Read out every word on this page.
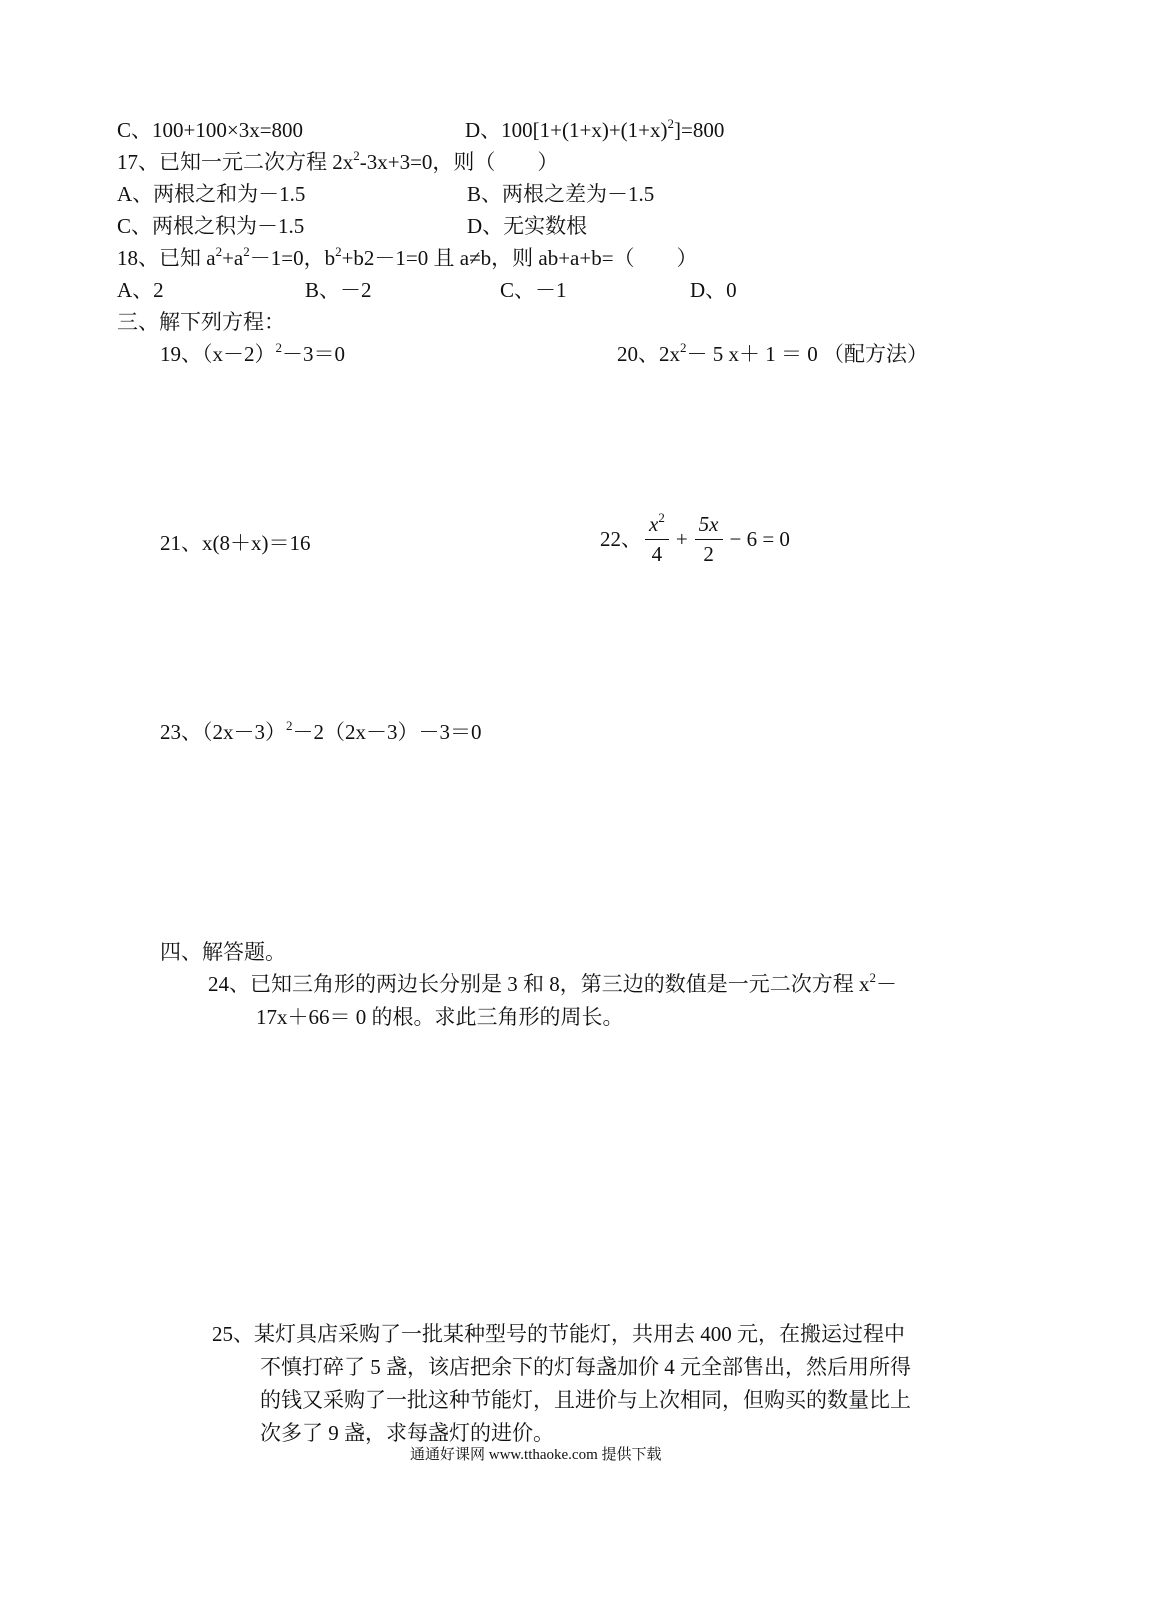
C、100+100×3x=800	D、$100[1+(1+x)+(1+x)^2]=800$
17、已知一元二次方程 $2x^2-3x+3=0$，则（　　）
A、两根之和为－1.5	B、两根之差为－1.5
C、两根之积为－1.5	D、无实数根
18、已知 $a^2+a^2-1=0$，$b^2+b2-1=0$ 且 a≠b，则 ab+a+b=（　　）
A、2	B、－2	C、－1	D、0
三、解下列方程：
19、$(x-2)^2-3=0$	20、$2x^2- 5$ x＋ 1 ＝ 0 （配方法）
21、x(8＋x)＝16	22、 $\frac{x^2}{4} + \frac{5x}{2} - 6 = 0$
23、$(2x-3)^2-2(2x-3)-3=0$
四、解答题。
24、已知三角形的两边长分别是 3 和 8，第三边的数值是一元二次方程 $x^2-$
17x＋66＝ 0 的根。求此三角形的周长。
25、某灯具店采购了一批某种型号的节能灯，共用去 400 元，在搬运过程中
不慎打碎了 5 盏，该店把余下的灯每盏加价 4 元全部售出，然后用所得
的钱又采购了一批这种节能灯，且进价与上次相同，但购买的数量比上
次多了 9 盏，求每盏灯的进价。
通通好课网 www.tthaoke.com 提供下载
